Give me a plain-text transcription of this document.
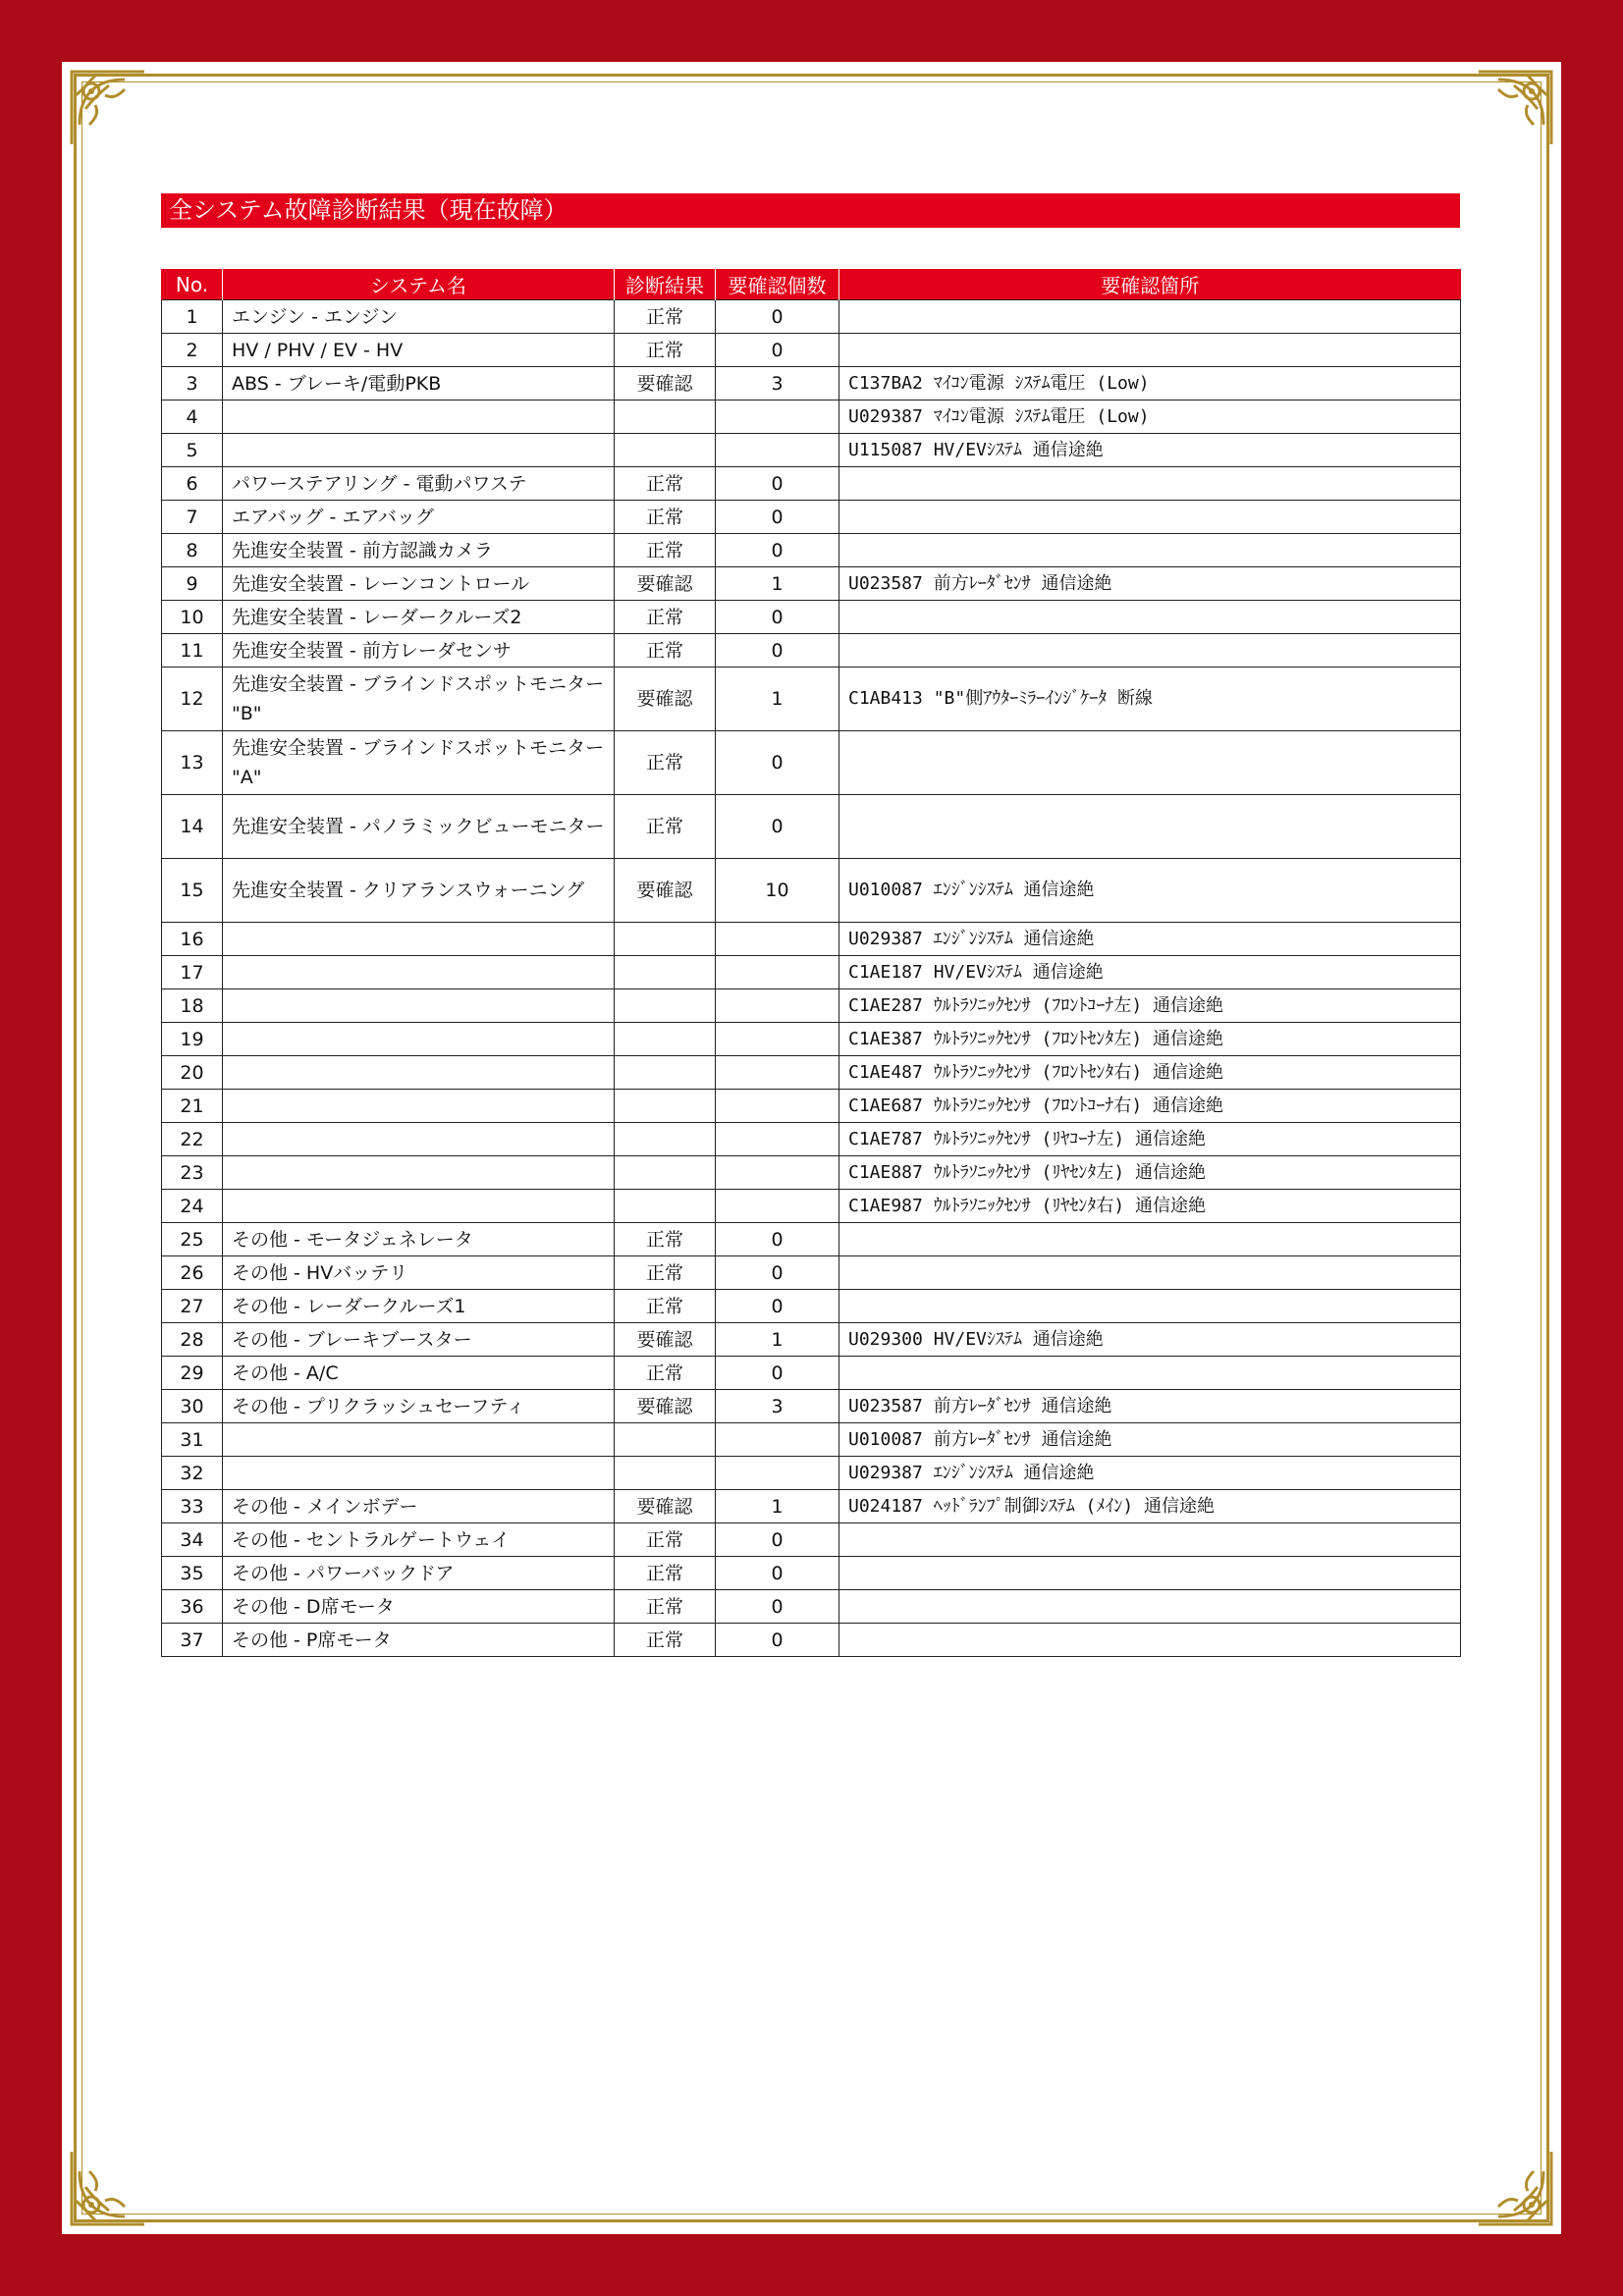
全システム故障診断結果（現在故障）
No.	システム名	診断結果	要確認個数	要確認箇所
1	エンジン - エンジン	正常	0	
2	HV / PHV / EV - HV	正常	0	
3	ABS - ブレーキ/電動PKB	要確認	3	C137BA2 ﾏｲｺﾝ電源 ｼｽﾃﾑ電圧 (Low)
4				U029387 ﾏｲｺﾝ電源 ｼｽﾃﾑ電圧 (Low)
5				U115087 HV/EVｼｽﾃﾑ 通信途絶
6	パワーステアリング - 電動パワステ	正常	0	
7	エアバッグ - エアバッグ	正常	0	
8	先進安全装置 - 前方認識カメラ	正常	0	
9	先進安全装置 - レーンコントロール	要確認	1	U023587 前方ﾚｰﾀﾞｾﾝｻ 通信途絶
10	先進安全装置 - レーダークルーズ2	正常	0	
11	先進安全装置 - 前方レーダセンサ	正常	0	
12	先進安全装置 - ブラインドスポットモニター "B"	要確認	1	C1AB413 "B"側ｱｳﾀｰﾐﾗｰｲﾝｼﾞｹｰﾀ 断線
13	先進安全装置 - ブラインドスポットモニター "A"	正常	0	
14	先進安全装置 - パノラミックビューモニター	正常	0	
15	先進安全装置 - クリアランスウォーニング	要確認	10	U010087 ｴﾝｼﾞﾝｼｽﾃﾑ 通信途絶
16				U029387 ｴﾝｼﾞﾝｼｽﾃﾑ 通信途絶
17				C1AE187 HV/EVｼｽﾃﾑ 通信途絶
18				C1AE287 ｳﾙﾄﾗｿﾆｯｸｾﾝｻ (ﾌﾛﾝﾄｺｰﾅ左) 通信途絶
19				C1AE387 ｳﾙﾄﾗｿﾆｯｸｾﾝｻ (ﾌﾛﾝﾄｾﾝﾀ左) 通信途絶
20				C1AE487 ｳﾙﾄﾗｿﾆｯｸｾﾝｻ (ﾌﾛﾝﾄｾﾝﾀ右) 通信途絶
21				C1AE687 ｳﾙﾄﾗｿﾆｯｸｾﾝｻ (ﾌﾛﾝﾄｺｰﾅ右) 通信途絶
22				C1AE787 ｳﾙﾄﾗｿﾆｯｸｾﾝｻ (ﾘﾔｺｰﾅ左) 通信途絶
23				C1AE887 ｳﾙﾄﾗｿﾆｯｸｾﾝｻ (ﾘﾔｾﾝﾀ左) 通信途絶
24				C1AE987 ｳﾙﾄﾗｿﾆｯｸｾﾝｻ (ﾘﾔｾﾝﾀ右) 通信途絶
25	その他 - モータジェネレータ	正常	0	
26	その他 - HVバッテリ	正常	0	
27	その他 - レーダークルーズ1	正常	0	
28	その他 - ブレーキブースター	要確認	1	U029300 HV/EVｼｽﾃﾑ 通信途絶
29	その他 - A/C	正常	0	
30	その他 - プリクラッシュセーフティ	要確認	3	U023587 前方ﾚｰﾀﾞｾﾝｻ 通信途絶
31				U010087 前方ﾚｰﾀﾞｾﾝｻ 通信途絶
32				U029387 ｴﾝｼﾞﾝｼｽﾃﾑ 通信途絶
33	その他 - メインボデー	要確認	1	U024187 ﾍｯﾄﾞﾗﾝﾌﾟ制御ｼｽﾃﾑ (ﾒｲﾝ) 通信途絶
34	その他 - セントラルゲートウェイ	正常	0	
35	その他 - パワーバックドア	正常	0	
36	その他 - D席モータ	正常	0	
37	その他 - P席モータ	正常	0	
